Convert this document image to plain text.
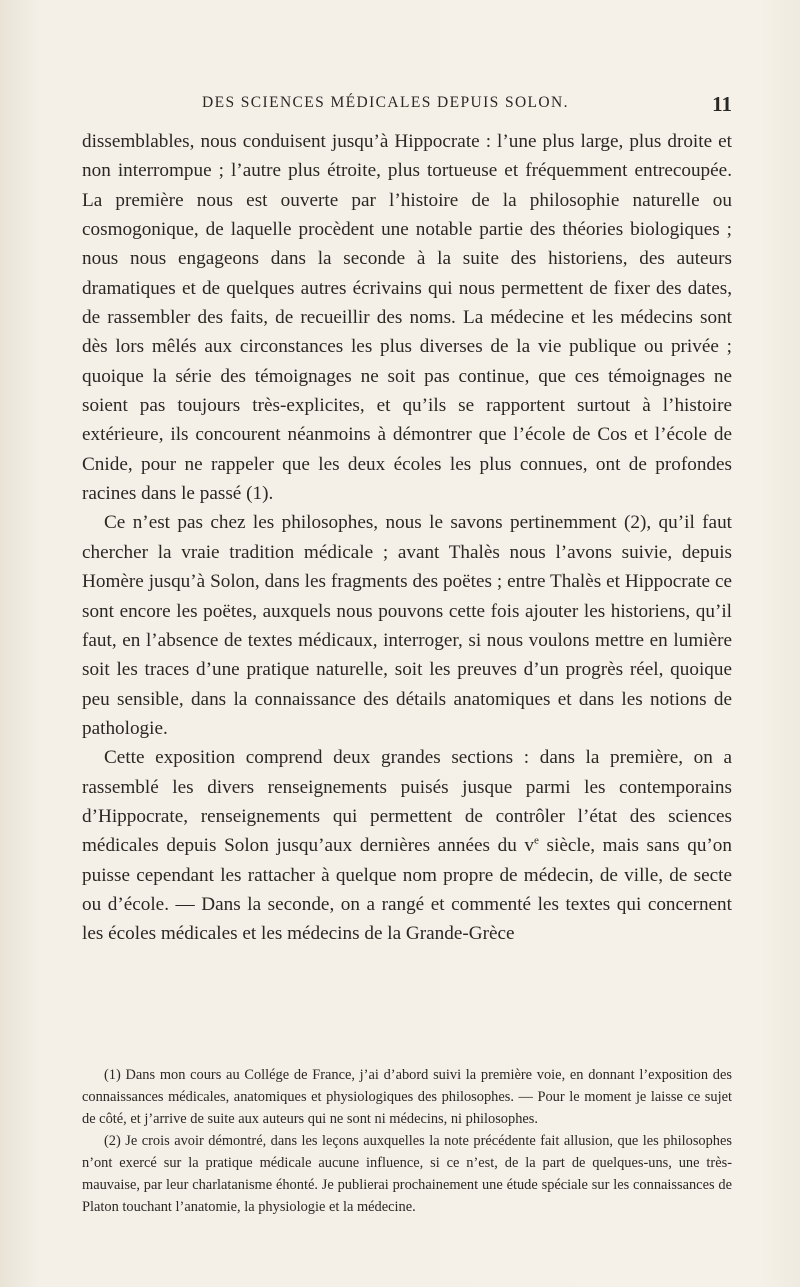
DES SCIENCES MÉDICALES DEPUIS SOLON.	11

dissemblables, nous conduisent jusqu’à Hippocrate : l’une plus large, plus droite et non interrompue ; l’autre plus étroite, plus tortueuse et fréquemment entrecoupée. La première nous est ouverte par l’histoire de la philosophie naturelle ou cosmogonique, de laquelle procèdent une notable partie des théories biologiques ; nous nous engageons dans la seconde à la suite des historiens, des auteurs dramatiques et de quelques autres écrivains qui nous permettent de fixer des dates, de rassembler des faits, de recueillir des noms. La médecine et les médecins sont dès lors mêlés aux circonstances les plus diverses de la vie publique ou privée ; quoique la série des témoignages ne soit pas continue, que ces témoignages ne soient pas toujours très-explicites, et qu’ils se rapportent surtout à l’histoire extérieure, ils concourent néanmoins à démontrer que l’école de Cos et l’école de Cnide, pour ne rappeler que les deux écoles les plus connues, ont de profondes racines dans le passé (1).

Ce n’est pas chez les philosophes, nous le savons pertinemment (2), qu’il faut chercher la vraie tradition médicale ; avant Thalès nous l’avons suivie, depuis Homère jusqu’à Solon, dans les fragments des poëtes ; entre Thalès et Hippocrate ce sont encore les poëtes, auxquels nous pouvons cette fois ajouter les historiens, qu’il faut, en l’absence de textes médicaux, interroger, si nous voulons mettre en lumière soit les traces d’une pratique naturelle, soit les preuves d’un progrès réel, quoique peu sensible, dans la connaissance des détails anatomiques et dans les notions de pathologie.

Cette exposition comprend deux grandes sections : dans la première, on a rassemblé les divers renseignements puisés jusque parmi les contemporains d’Hippocrate, renseignements qui permettent de contrôler l’état des sciences médicales depuis Solon jusqu’aux dernières années du $v^e$ siècle, mais sans qu’on puisse cependant les rattacher à quelque nom propre de médecin, de ville, de secte ou d’école. — Dans la seconde, on a rangé et commenté les textes qui concernent les écoles médicales et les médecins de la Grande-Grèce

(1) Dans mon cours au Collége de France, j’ai d’abord suivi la première voie, en donnant l’exposition des connaissances médicales, anatomiques et physiologiques des philosophes. — Pour le moment je laisse ce sujet de côté, et j’arrive de suite aux auteurs qui ne sont ni médecins, ni philosophes.

(2) Je crois avoir démontré, dans les leçons auxquelles la note précédente fait allusion, que les philosophes n’ont exercé sur la pratique médicale aucune influence, si ce n’est, de la part de quelques-uns, une très-mauvaise, par leur charlatanisme éhonté. Je publierai prochainement une étude spéciale sur les connaissances de Platon touchant l’anatomie, la physiologie et la médecine.
